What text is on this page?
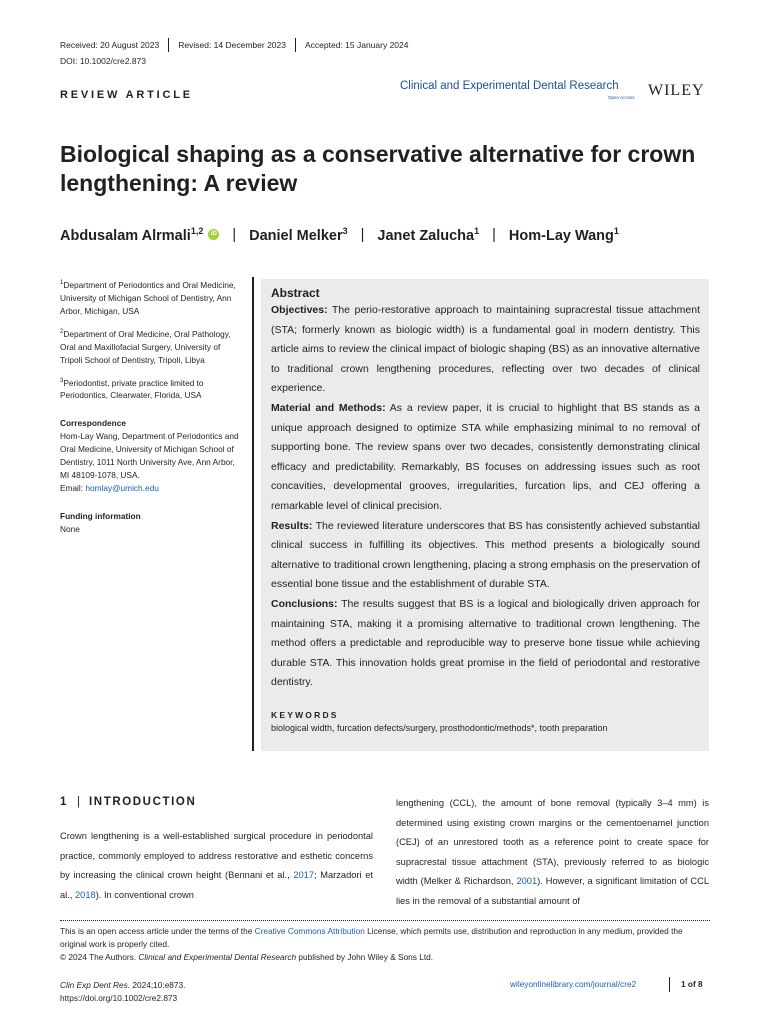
Received: 20 August 2023 Revised: 14 December 2023 Accepted: 15 January 2024
DOI: 10.1002/cre2.873
REVIEW ARTICLE
Clinical and Experimental Dental Research
Open Access WILEY
Biological shaping as a conservative alternative for crown lengthening: A review
Abdusalam Alrmali$^{1,2}$	iD | Daniel Melker$^3$ | Janet Zalucha$^1$ | Hom-Lay Wang$^1$

$^1$Department of Periodontics and Oral Medicine, University of Michigan School of Dentistry, Ann Arbor, Michigan, USA

$^2$Department of Oral Medicine, Oral Pathology, Oral and Maxillofacial Surgery, University of Tripoli School of Dentistry, Tripoli, Libya

$^3$Periodontist, private practice limited to Periodontics, Clearwater, Florida, USA

Correspondence

Hom-Lay Wang, Department of Periodontics and Oral Medicine, University of Michigan School of Dentistry, 1011 North University Ave, Ann Arbor, MI 48109-1078, USA.
Email: homlay@umich.edu

Funding information

None

Abstract

Objectives: The perio-restorative approach to maintaining supracrestal tissue attachment (STA; formerly known as biologic width) is a fundamental goal in modern dentistry. This article aims to review the clinical impact of biologic shaping (BS) as an innovative alternative to traditional crown lengthening procedures, reflecting over two decades of clinical experience.

Material and Methods: As a review paper, it is crucial to highlight that BS stands as a unique approach designed to optimize STA while emphasizing minimal to no removal of supporting bone. The review spans over two decades, consistently demonstrating clinical efficacy and predictability. Remarkably, BS focuses on addressing issues such as root concavities, developmental grooves, irregularities, furcation lips, and CEJ offering a remarkable level of clinical precision.

Results: The reviewed literature underscores that BS has consistently achieved substantial clinical success in fulfilling its objectives. This method presents a biologically sound alternative to traditional crown lengthening, placing a strong emphasis on the preservation of essential bone tissue and the establishment of durable STA.

Conclusions: The results suggest that BS is a logical and biologically driven approach for maintaining STA, making it a promising alternative to traditional crown lengthening. The method offers a predictable and reproducible way to preserve bone tissue while achieving durable STA. This innovation holds great promise in the field of periodontal and restorative dentistry.

KEYWORDS
biological width, furcation defects/surgery, prosthodontic/methods*, tooth preparation
1 | INTRODUCTION

Crown lengthening is a well-established surgical procedure in periodontal practice, commonly employed to address restorative and esthetic concerns by increasing the clinical crown height (Bennani et al., 2017; Marzadori et al., 2018). In conventional crown

lengthening (CCL), the amount of bone removal (typically 3–4 mm) is determined using existing crown margins or the cementoenamel junction (CEJ) of an unrestored tooth as a reference point to create space for supracrestal tissue attachment (STA), previously referred to as biologic width (Melker & Richardson, 2001). However, a significant limitation of CCL lies in the removal of a substantial amount of

This is an open access article under the terms of the Creative Commons Attribution License, which permits use, distribution and reproduction in any medium, provided the original work is properly cited.

© 2024 The Authors. Clinical and Experimental Dental Research published by John Wiley & Sons Ltd.

Clin Exp Dent Res. 2024;10:e873.
https://doi.org/10.1002/cre2.873
wileyonlinelibrary.com/journal/cre2	1 of 8
